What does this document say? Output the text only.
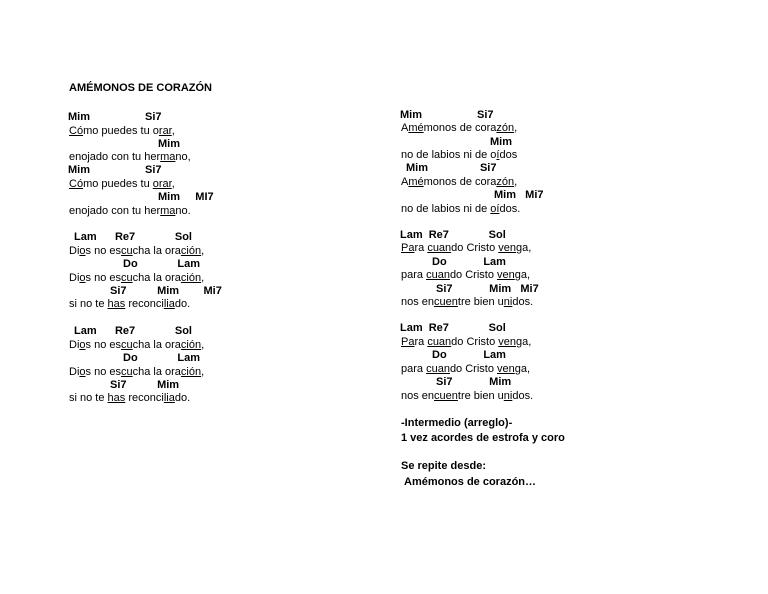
AMÉMONOS DE CORAZÓN
Mim                  Si7
Cómo puedes tu orar,
Mim
enojado con tu hermano,
Mim                  Si7
Cómo puedes tu orar,
Mim     MI7
enojado con tu hermano.
Lam      Re7             Sol
Dios no escucha la oración,
Do             Lam
Dios no escucha la oración,
Si7          Mim        Mi7
si no te has reconciliado.
Lam      Re7             Sol
Dios no escucha la oración,
Do             Lam
Dios no escucha la oración,
Si7          Mim
si no te has reconciliado.
Mim                  Si7
Amémonos de corazón,
Mim
no de labios ni de oídos
Mim                 Si7
Amémonos de corazón,
Mim   Mi7
no de labios ni de oídos.
Lam  Re7             Sol
Para cuando Cristo venga,
Do            Lam
para cuando Cristo venga,
Si7            Mim   Mi7
nos encuentre bien unidos.
Lam  Re7             Sol
Para cuando Cristo venga,
Do            Lam
para cuando Cristo venga,
Si7            Mim
nos encuentre bien unidos.
-Intermedio (arreglo)-
1 vez acordes de estrofa y coro
Se repite desde:
Amémonos de corazón…
